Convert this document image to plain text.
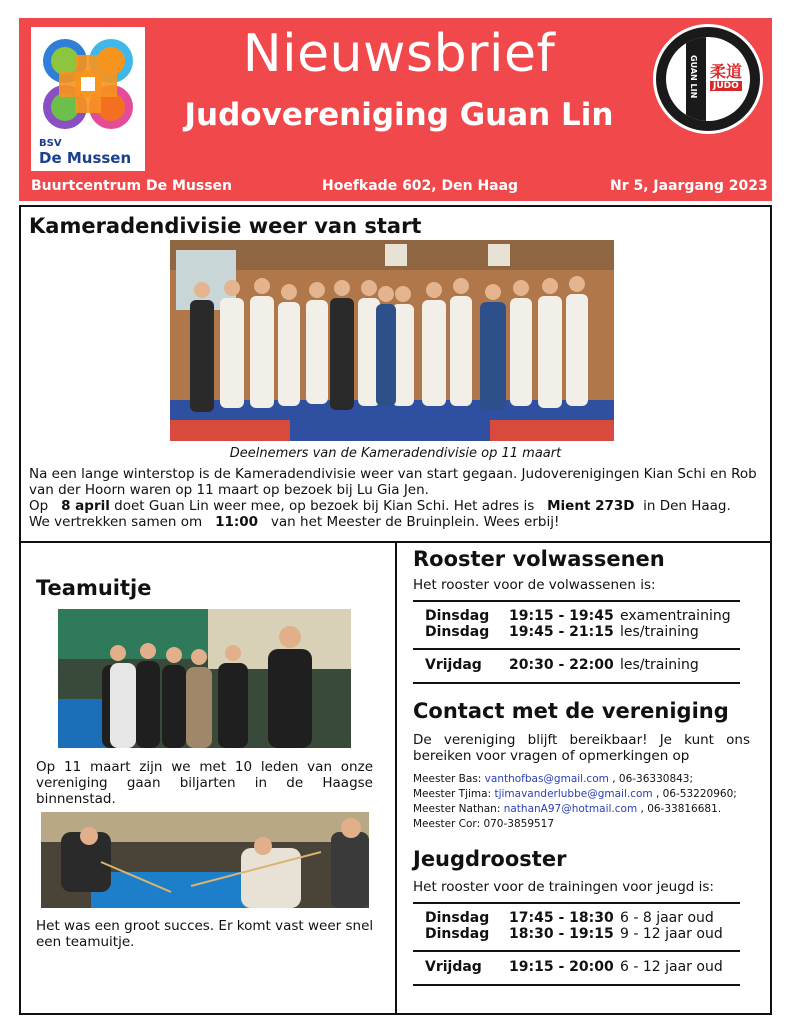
BSV
De Mussen
Nieuwsbrief
Judovereniging Guan Lin
GUAN LIN 柔道
JUDO
Buurtcentrum De Mussen	Hoefkade 602, Den Haag	Nr 5, Jaargang 2023
Kameradendivisie weer van start
Deelnemers van de Kameradendivisie op 11 maart
Na een lange winterstop is de Kameradendivisie weer van start gegaan. Judoverenigingen Kian Schi en Rob van der Hoorn waren op 11 maart op bezoek bij Lu Gia Jen.
Op 8 april doet Guan Lin weer mee, op bezoek bij Kian Schi. Het adres is Mient 273D in Den Haag.
We vertrekken samen om 11:00 van het Meester de Bruinplein. Wees erbij!
Teamuitje
Op 11 maart zijn we met 10 leden van onze vereniging gaan biljarten in de Haagse binnenstad.
Het was een groot succes. Er komt vast weer snel een teamuitje.
Rooster volwassenen
Het rooster voor de volwassenen is:
Dinsdag 19:15 - 19:45 examentraining
Dinsdag 19:45 - 21:15 les/training
Vrijdag 20:30 - 22:00 les/training
Contact met de vereniging
De vereniging blijft bereikbaar! Je kunt ons bereiken voor vragen of opmerkingen op
Meester Bas: vanthofbas@gmail.com , 06-36330843;
Meester Tjima: tjimavanderlubbe@gmail.com , 06-53220960;
Meester Nathan: nathanA97@hotmail.com , 06-33816681.
Meester Cor: 070-3859517
Jeugdrooster
Het rooster voor de trainingen voor jeugd is:
Dinsdag 17:45 - 18:30 6 - 8 jaar oud
Dinsdag 18:30 - 19:15 9 - 12 jaar oud
Vrijdag 19:15 - 20:00 6 - 12 jaar oud
